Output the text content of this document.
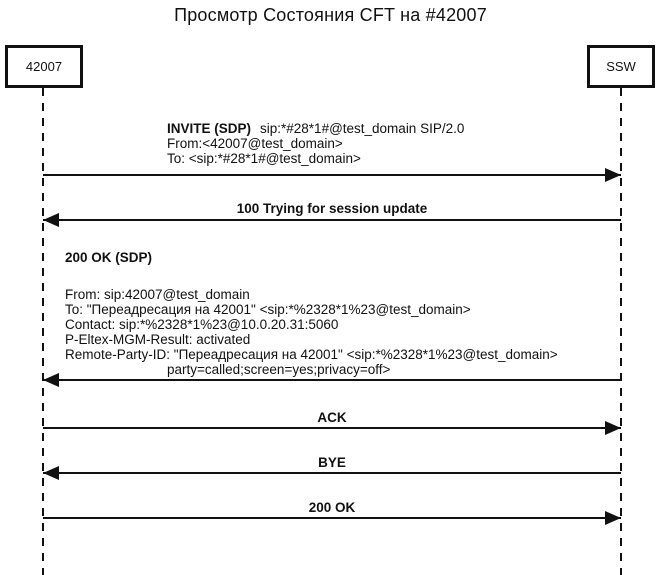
Просмотр Состояния CFT на #42007
42007	SSW
INVITE (SDP) sip:*#28*1#@test_domain SIP/2.0
From:<42007@test_domain>
To: <sip:*#28*1#@test_domain>
100 Trying for session update
200 OK (SDP)
From: sip:42007@test_domain
To: "Переадресация на 42001" <sip:*%2328*1%23@test_domain>
Contact: sip:*%2328*1%23@10.0.20.31:5060
P-Eltex-MGM-Result: activated
Remote-Party-ID: "Переадресация на 42001" <sip:*%2328*1%23@test_domain>
party=called;screen=yes;privacy=off>
ACK
BYE
200 OK
